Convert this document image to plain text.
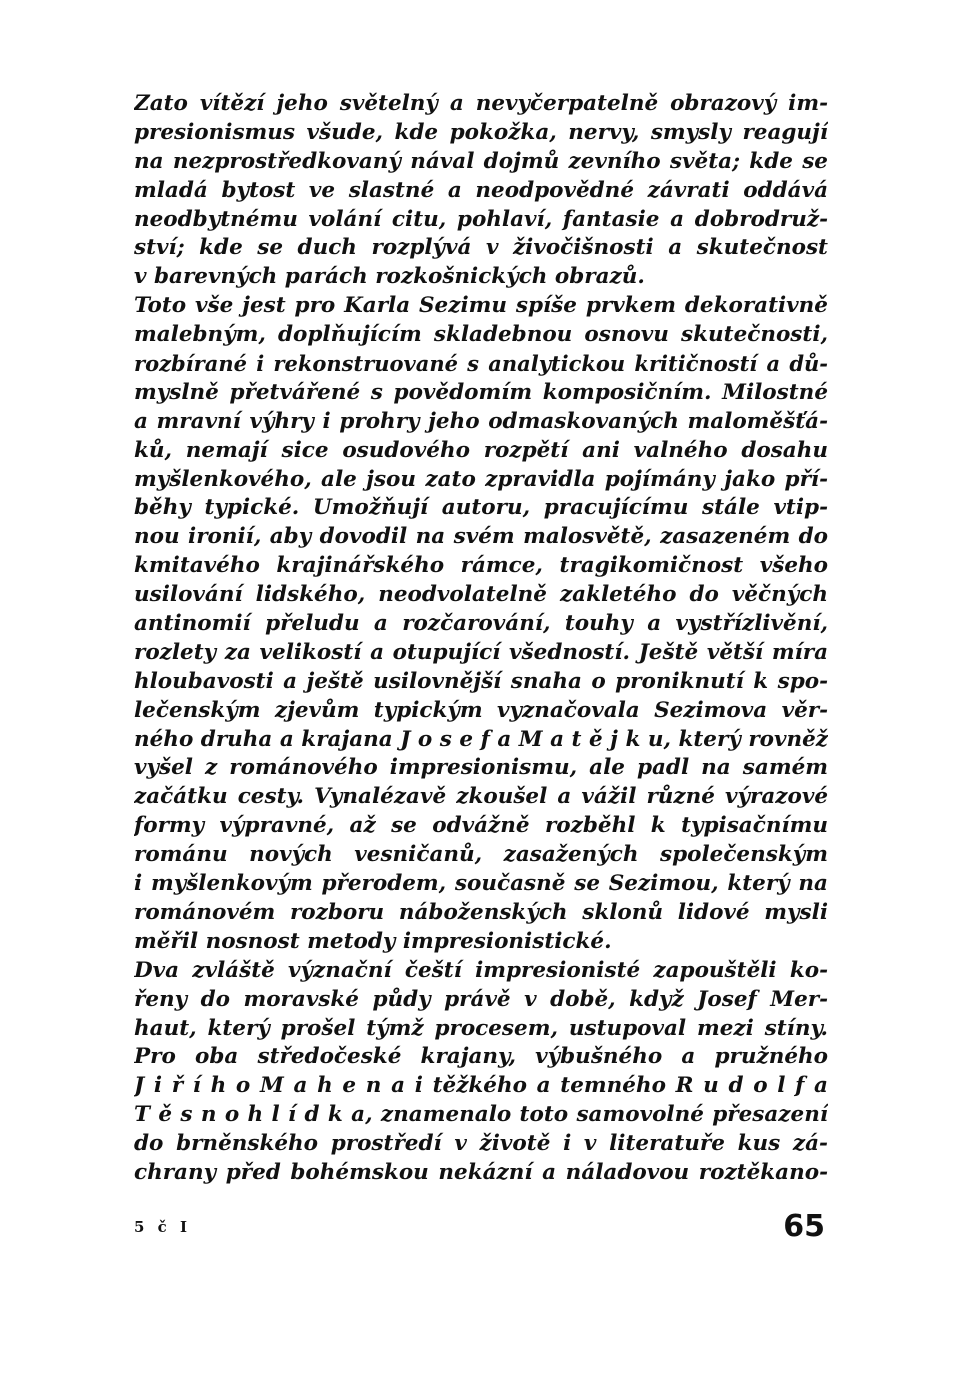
Zato vítězí jeho světelný a nevyčerpatelně obrazový im-
presionismus všude, kde pokožka, nervy, smysly reagují
na nezprostředkovaný nával dojmů zevního světa; kde se
mladá bytost ve slastné a neodpovědné závrati oddává
neodbytnému volání citu, pohlaví, fantasie a dobrodruž-
ství; kde se duch rozplývá v živočišnosti a skutečnost
v barevných parách rozkošnických obrazů.
Toto vše jest pro Karla Sezimu spíše prvkem dekorativně
malebným, doplňujícím skladebnou osnovu skutečnosti,
rozbírané i rekonstruované s analytickou kritičností a dů-
myslně přetvářené s povědomím komposičním. Milostné
a mravní výhry i prohry jeho odmaskovaných maloměšťá-
ků, nemají sice osudového rozpětí ani valného dosahu
myšlenkového, ale jsou zato zpravidla pojímány jako pří-
běhy typické. Umožňují autoru, pracujícímu stále vtip-
nou ironií, aby dovodil na svém malosvětě, zasazeném do
kmitavého krajinářského rámce, tragikomičnost všeho
usilování lidského, neodvolatelně zakletého do věčných
antinomií přeludu a rozčarování, touhy a vystřízlivění,
rozlety za velikostí a otupující všedností. Ještě větší míra
hloubavosti a ještě usilovnější snaha o proniknutí k spo-
lečenským zjevům typickým vyznačovala Sezimova věr-
ného druha a krajana J o s e f a M a t ě j k u, který rovněž
vyšel z románového impresionismu, ale padl na samém
začátku cesty. Vynalézavě zkoušel a vážil různé výrazové
formy výpravné, až se odvážně rozběhl k typisačnímu
románu nových vesničanů, zasažených společenským
i myšlenkovým přerodem, současně se Sezimou, který na
románovém rozboru náboženských sklonů lidové mysli
měřil nosnost metody impresionistické.
Dva zvláště význační čeští impresionisté zapouštěli ko-
řeny do moravské půdy právě v době, když Josef Mer-
haut, který prošel týmž procesem, ustupoval mezi stíny.
Pro oba středočeské krajany, výbušného a pružného
J i ř í h o M a h e n a i těžkého a temného R u d o l f a
T ě s n o h l í d k a, znamenalo toto samovolné přesazení
do brněnského prostředí v životě i v literatuře kus zá-
chrany před bohémskou nekázní a náladovou roztěkano-
5 č I	65
